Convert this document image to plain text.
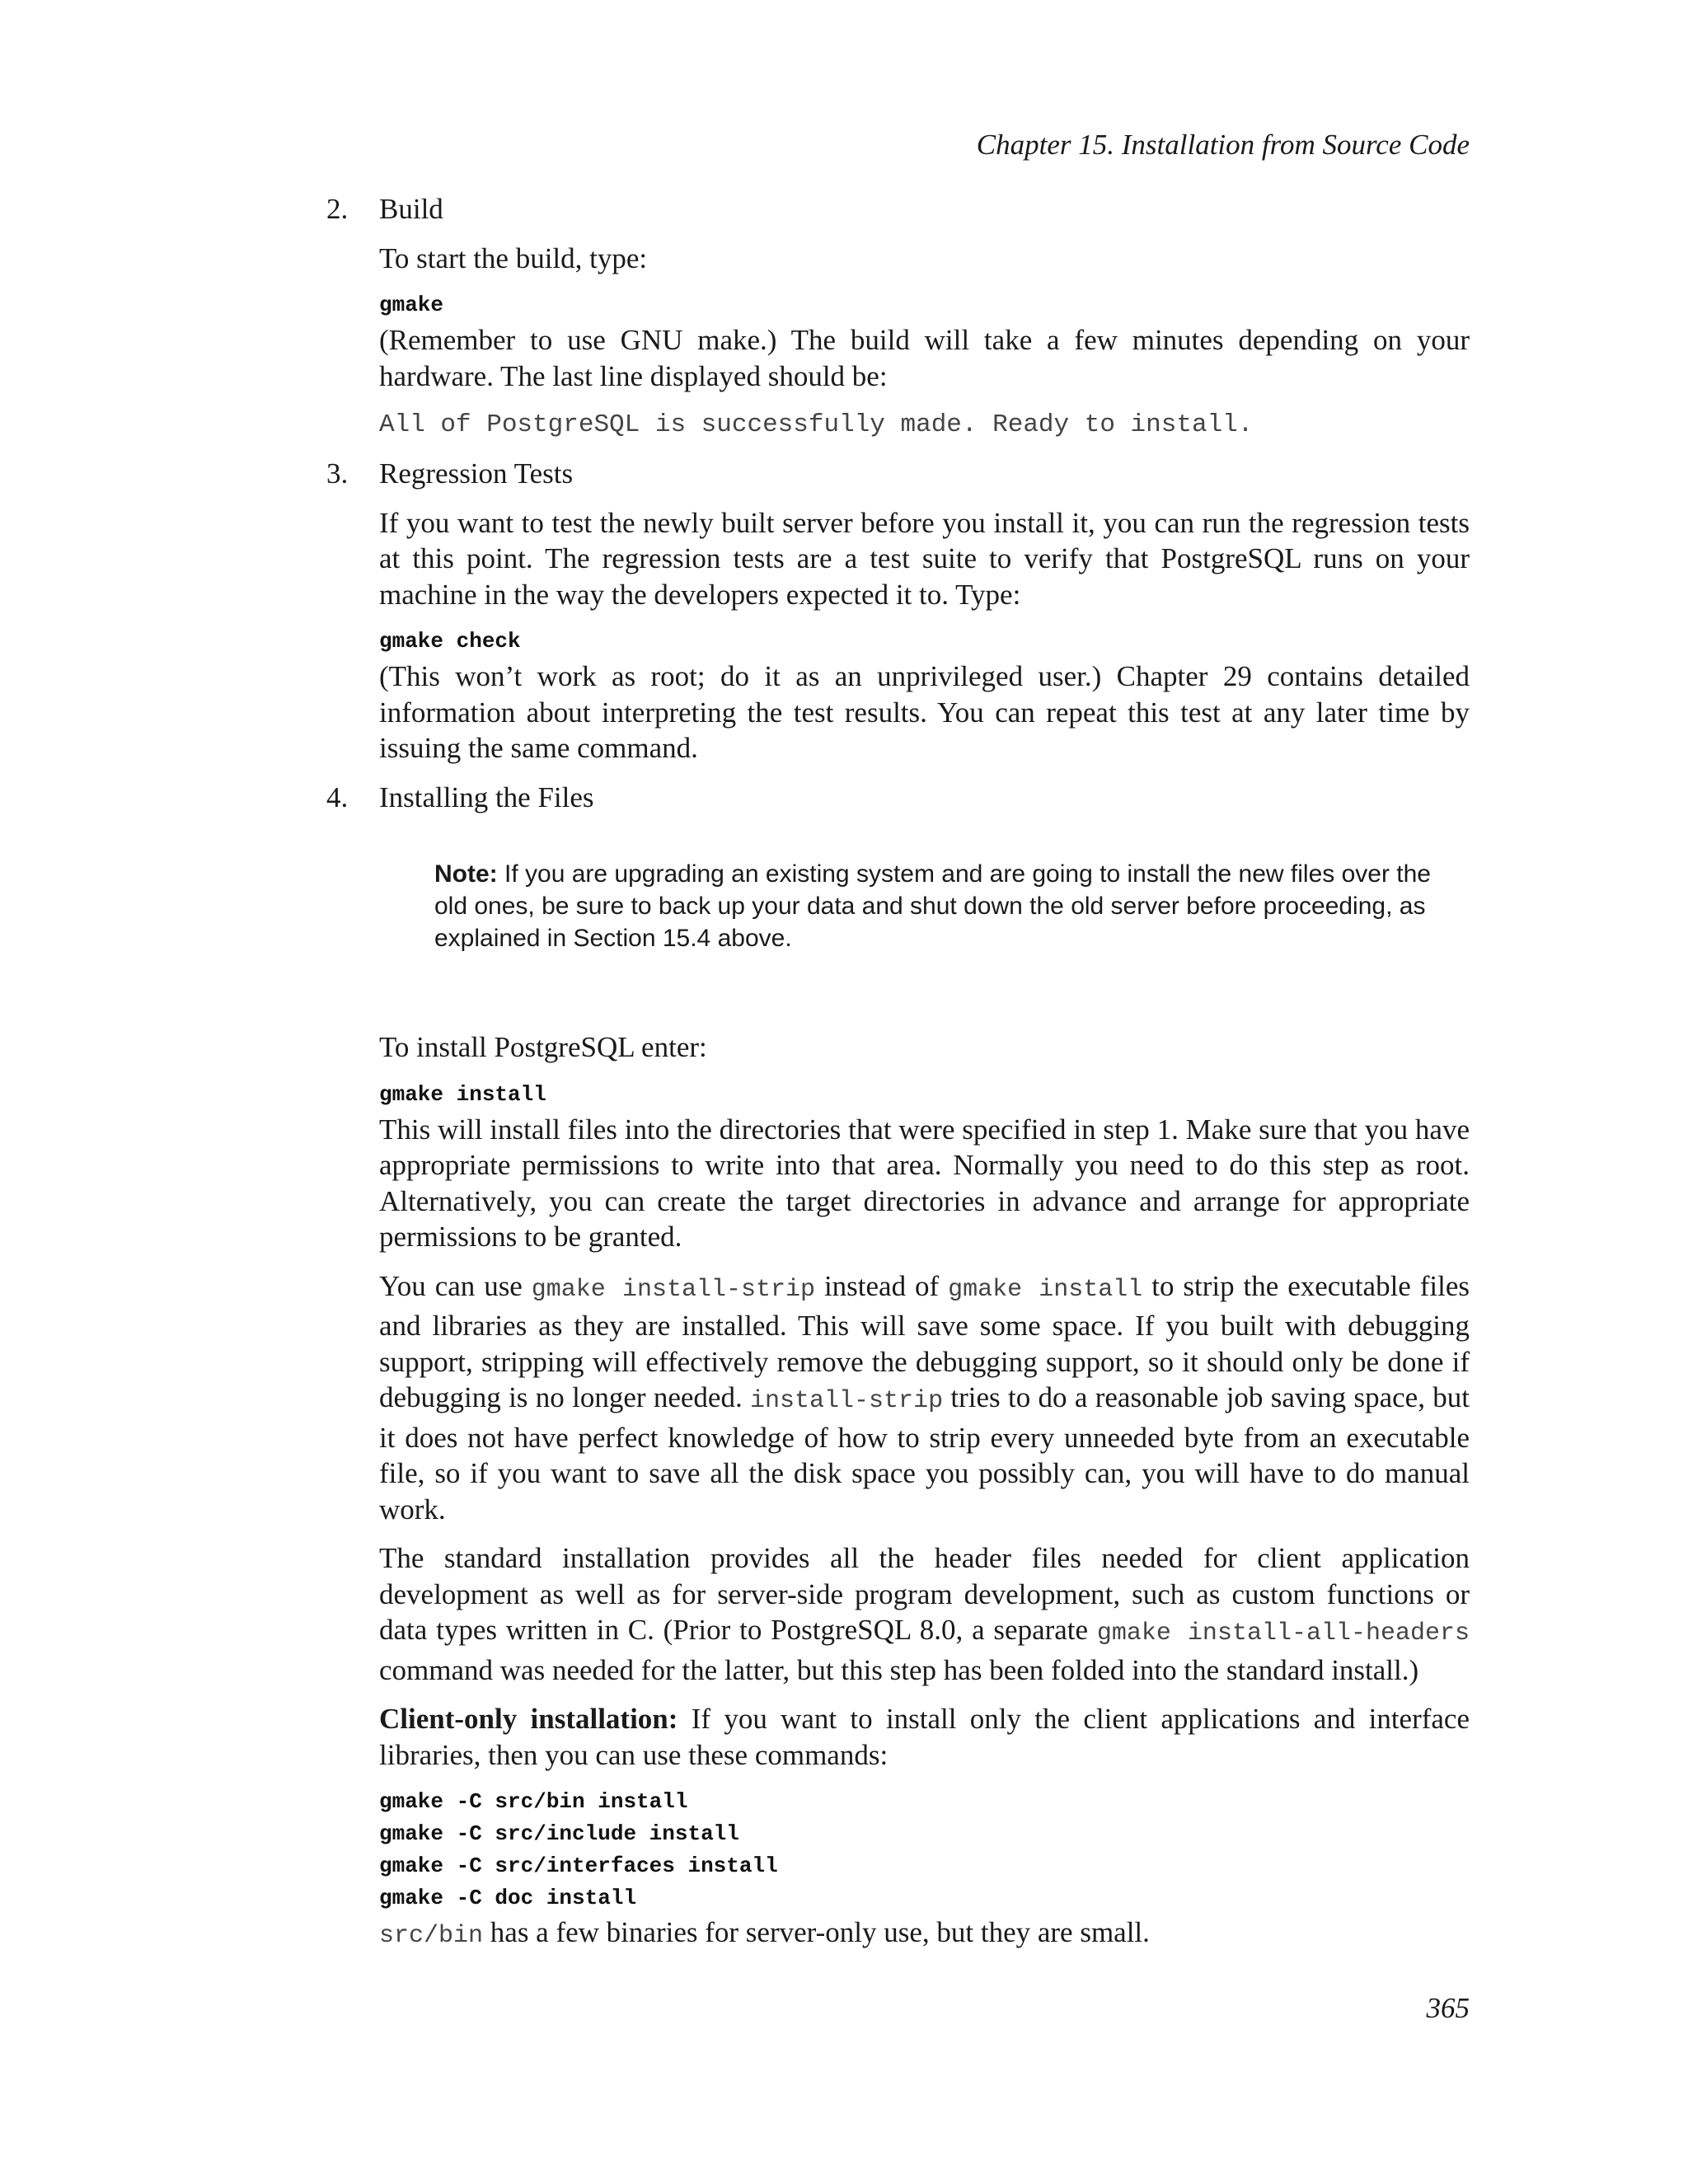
Chapter 15. Installation from Source Code
2.	Build

To start the build, type:

gmake

(Remember to use GNU make.) The build will take a few minutes depending on your hardware. The last line displayed should be:

All of PostgreSQL is successfully made. Ready to install.
3.	Regression Tests

If you want to test the newly built server before you install it, you can run the regression tests at this point. The regression tests are a test suite to verify that PostgreSQL runs on your machine in the way the developers expected it to. Type:

gmake check

(This won’t work as root; do it as an unprivileged user.) Chapter 29 contains detailed information about interpreting the test results. You can repeat this test at any later time by issuing the same command.

4.	Installing the Files

Note: If you are upgrading an existing system and are going to install the new files over the old ones, be sure to back up your data and shut down the old server before proceeding, as explained in Section 15.4 above.

To install PostgreSQL enter:

gmake install

This will install files into the directories that were specified in step 1. Make sure that you have appropriate permissions to write into that area. Normally you need to do this step as root. Alternatively, you can create the target directories in advance and arrange for appropriate permissions to be granted.

You can use gmake install-strip instead of gmake install to strip the executable files and libraries as they are installed. This will save some space. If you built with debugging support, stripping will effectively remove the debugging support, so it should only be done if debugging is no longer needed. install-strip tries to do a reasonable job saving space, but it does not have perfect knowledge of how to strip every unneeded byte from an executable file, so if you want to save all the disk space you possibly can, you will have to do manual work.

The standard installation provides all the header files needed for client application development as well as for server-side program development, such as custom functions or data types written in C. (Prior to PostgreSQL 8.0, a separate gmake install-all-headers command was needed for the latter, but this step has been folded into the standard install.)

Client-only installation: If you want to install only the client applications and interface libraries, then you can use these commands:

gmake -C src/bin install
gmake -C src/include install
gmake -C src/interfaces install
gmake -C doc install

src/bin has a few binaries for server-only use, but they are small.

365
